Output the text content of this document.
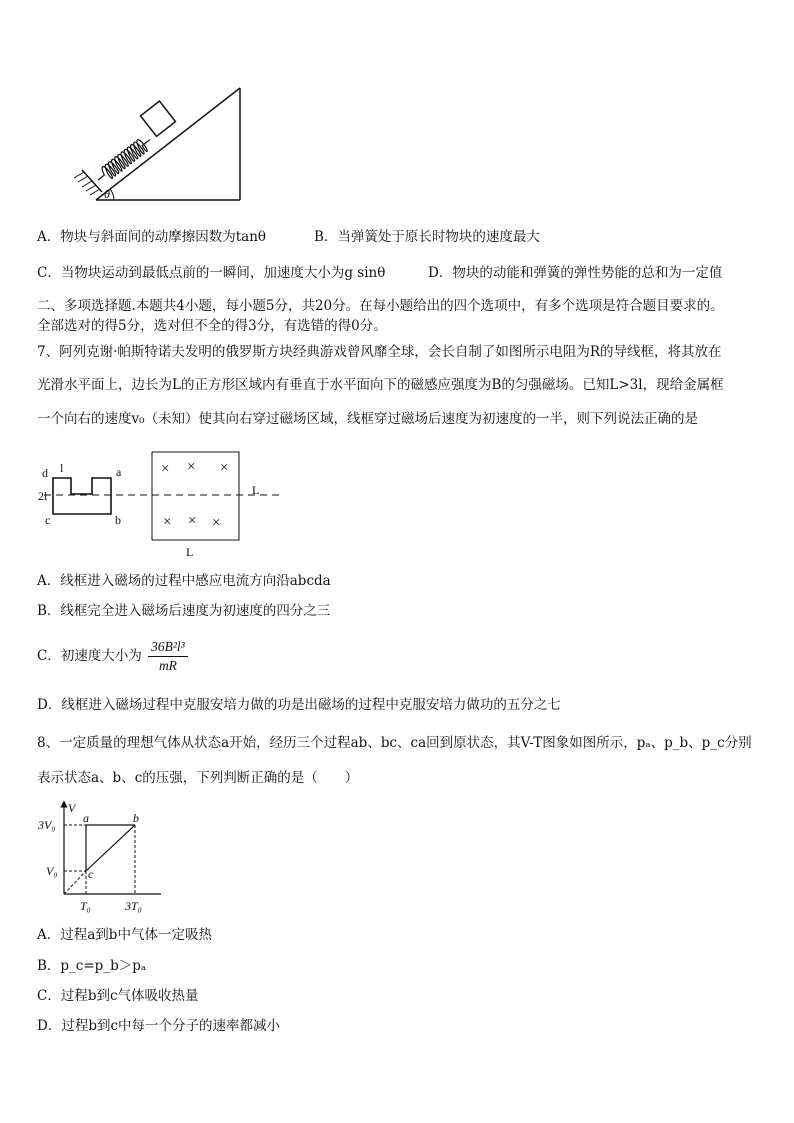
θ
A．物块与斜面间的动摩擦因数为tanθ	B．当弹簧处于原长时物块的速度最大
C．当物块运动到最低点前的一瞬间，加速度大小为g sinθ	D．物块的动能和弹簧的弹性势能的总和为一定值
二、多项选择题.本题共4小题，每小题5分，共20分。在每小题给出的四个选项中，有多个选项是符合题目要求的。
全部选对的得5分，选对但不全的得3分，有选错的得0分。
7、阿列克谢·帕斯特诺夫发明的俄罗斯方块经典游戏曾风靡全球，会长自制了如图所示电阻为R的导线框，将其放在
光滑水平面上，边长为L的正方形区域内有垂直于水平面向下的磁感应强度为B的匀强磁场。已知L>3l，现给金属框
一个向右的速度v₀（未知）使其向右穿过磁场区域，线框穿过磁场后速度为初速度的一半，则下列说法正确的是
× × ×
× × ×
d l	a
2l
c	b
L
L
A．线框进入磁场的过程中感应电流方向沿abcda
B．线框完全进入磁场后速度为初速度的四分之三
C．初速度大小为 $\frac{\text{36B²l³}}{mR}$
D．线框进入磁场过程中克服安培力做的功是出磁场的过程中克服安培力做功的五分之七
8、一定质量的理想气体从状态a开始，经历三个过程ab、bc、ca回到原状态，其V-T图象如图所示，pₐ、p_b、p_c分别
表示状态a、b、c的压强，下列判断正确的是（　　）
V
3V₀
V₀
T₀	3T₀
a	b
c
A．过程a到b中气体一定吸热
B．p_c=p_b＞pₐ
C．过程b到c气体吸收热量
D．过程b到c中每一个分子的速率都减小
